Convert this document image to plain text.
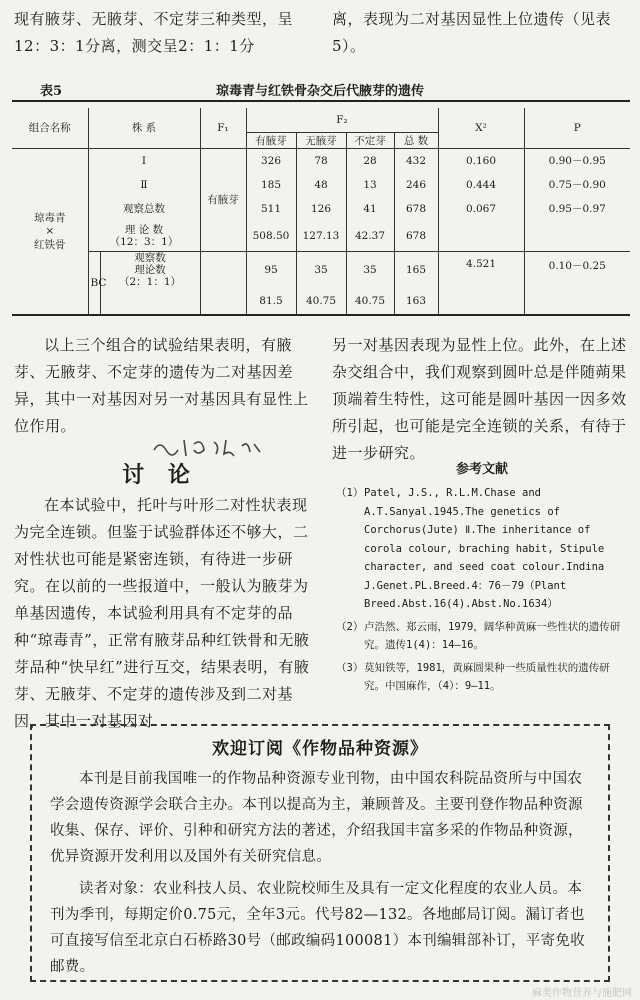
现有腋芽、无腋芽、不定芽三种类型，呈

12：3：1分离，测交呈2：1：1分

离，表现为二对基因显性上位遗传（见表

5）。

表5	琼毒青与红铁骨杂交后代腋芽的遗传
组合名称	株 系		F₁	F₂				X²	P
				有腋芽	无腋芽	不定芽	总 数		

琼毒青
×
红铁骨	Ⅰ		有腋芽	326	78	28	432	0.160	0.90－0.95
	Ⅱ			185	48	13	246	0.444	0.75－0.90
	观察总数			511	126	41	678	0.067	0.95－0.97

	理 论 数
（12：3：1）			508.50	127.13	42.37	678		
	BC	观察数
理论数
（2：1：1）		95	35	35	165	4.521	0.10－0.25
				81.5	40.75	40.75	163		

以上三个组合的试验结果表明，有腋芽、无腋芽、不定芽的遗传为二对基因差异，其中一对基因对另一对基因具有显性上位作用。

另一对基因表现为显性上位。此外，在上述杂交组合中，我们观察到圆叶总是伴随蒴果顶端着生特性，这可能是圆叶基因一因多效所引起，也可能是完全连锁的关系，有待于进一步研究。

讨 论

在本试验中，托叶与叶形二对性状表现为完全连锁。但鉴于试验群体还不够大，二对性状也可能是紧密连锁，有待进一步研究。在以前的一些报道中，一般认为腋芽为单基因遗传，本试验利用具有不定芽的品种“琼毒青”，正常有腋芽品种红铁骨和无腋芽品种“快早红”进行互交，结果表明，有腋芽、无腋芽、不定芽的遗传涉及到二对基因，其中一对基因对

参考文献
（1） Patel, J.S., R.L.M.Chase and A.T.Sanyal.1945.The genetics of Corchorus(Jute) Ⅱ.The inheritance of corola colour, braching habit, Stipule character, and seed coat colour.Indina J.Genet.PL.Breed.4：76－79（Plant Breed.Abst.16(4).Abst.No.1634）
（2） 卢浩然、郑云雨，1979，阔华种黄麻一些性状的遗传研究。遗传1(4)：14—16。
（3） 莫知铁等，1981，黄麻圆果种一些质量性状的遗传研究。中国麻作，（4）：9—11。
欢迎订阅《作物品种资源》

本刊是目前我国唯一的作物品种资源专业刊物，由中国农科院品资所与中国农学会遗传资源学会联合主办。本刊以提高为主，兼顾普及。主要刊登作物品种资源收集、保存、评价、引种和研究方法的著述，介绍我国丰富多采的作物品种资源，优异资源开发利用以及国外有关研究信息。

读者对象：农业科技人员、农业院校师生及具有一定文化程度的农业人员。本刊为季刊，每期定价0.75元，全年3元。代号82—132。各地邮局订阅。漏订者也可直接写信至北京白石桥路30号（邮政编码100081）本刊编辑部补订，平寄免收邮费。

麻类作物营养与施肥网
